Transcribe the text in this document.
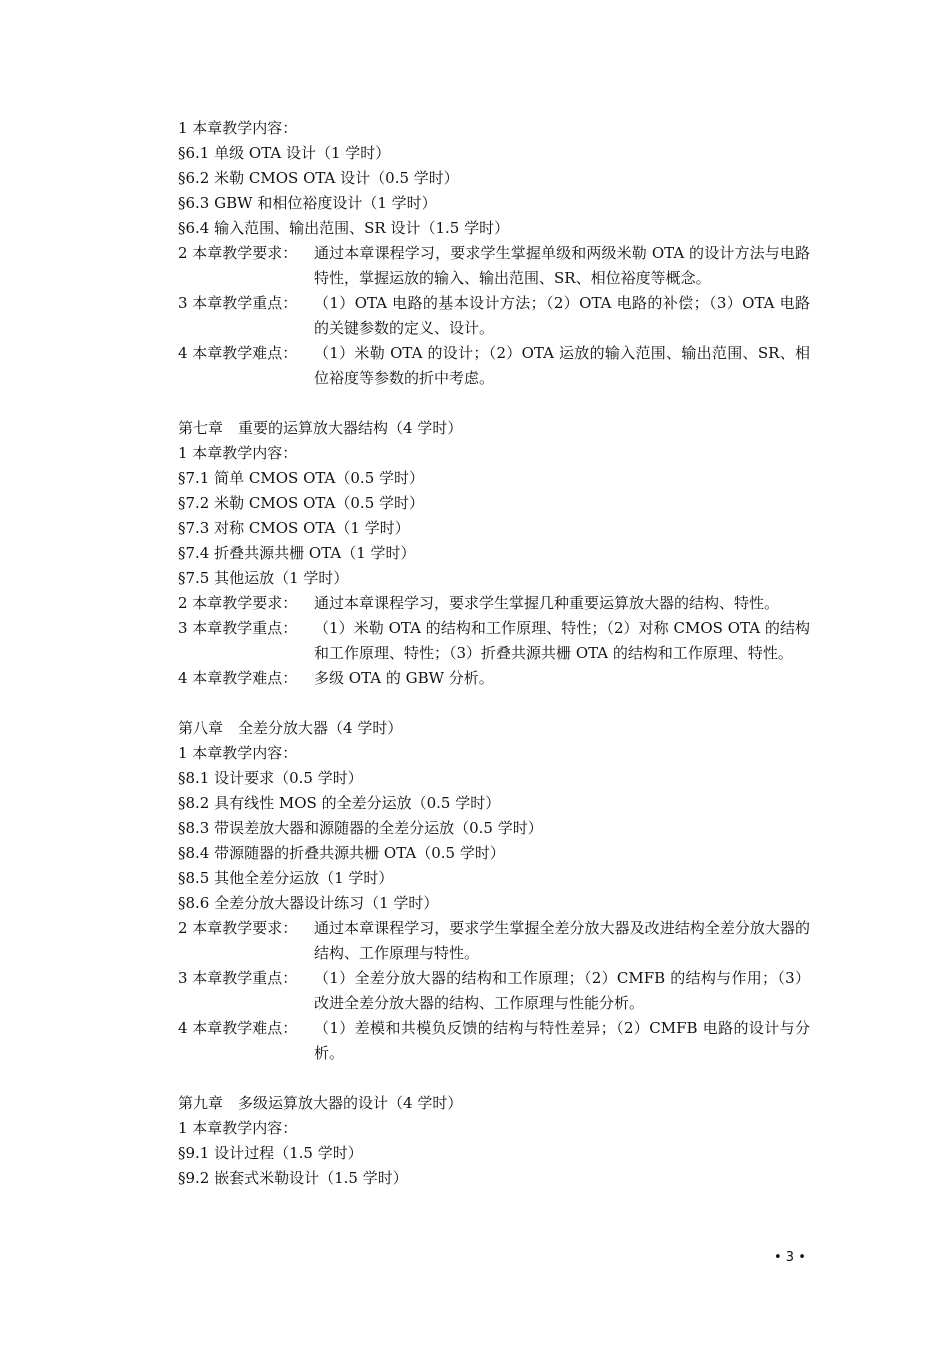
1 本章教学内容：
§6.1 单级 OTA 设计（1 学时）
§6.2 米勒 CMOS OTA 设计（0.5 学时）
§6.3 GBW 和相位裕度设计（1 学时）
§6.4 输入范围、输出范围、SR 设计（1.5 学时）
2 本章教学要求：	通过本章课程学习，要求学生掌握单级和两级米勒 OTA 的设计方法与电路特性，掌握运放的输入、输出范围、SR、相位裕度等概念。
3 本章教学重点：	（1）OTA 电路的基本设计方法；（2）OTA 电路的补偿；（3）OTA 电路的关键参数的定义、设计。
4 本章教学难点：	（1）米勒 OTA 的设计；（2）OTA 运放的输入范围、输出范围、SR、相位裕度等参数的折中考虑。
第七章　重要的运算放大器结构（4 学时）
1 本章教学内容：
§7.1 简单 CMOS OTA（0.5 学时）
§7.2 米勒 CMOS OTA（0.5 学时）
§7.3 对称 CMOS OTA（1 学时）
§7.4 折叠共源共栅 OTA（1 学时）
§7.5 其他运放（1 学时）
2 本章教学要求：	通过本章课程学习，要求学生掌握几种重要运算放大器的结构、特性。
3 本章教学重点：	（1）米勒 OTA 的结构和工作原理、特性；（2）对称 CMOS OTA 的结构和工作原理、特性；（3）折叠共源共栅 OTA 的结构和工作原理、特性。
4 本章教学难点：	多级 OTA 的 GBW 分析。
第八章　全差分放大器（4 学时）
1 本章教学内容：
§8.1 设计要求（0.5 学时）
§8.2 具有线性 MOS 的全差分运放（0.5 学时）
§8.3 带误差放大器和源随器的全差分运放（0.5 学时）
§8.4 带源随器的折叠共源共栅 OTA（0.5 学时）
§8.5 其他全差分运放（1 学时）
§8.6 全差分放大器设计练习（1 学时）
2 本章教学要求：	通过本章课程学习，要求学生掌握全差分放大器及改进结构全差分放大器的结构、工作原理与特性。
3 本章教学重点：	（1）全差分放大器的结构和工作原理；（2）CMFB 的结构与作用；（3）改进全差分放大器的结构、工作原理与性能分析。
4 本章教学难点：	（1）差模和共模负反馈的结构与特性差异；（2）CMFB 电路的设计与分析。
第九章　多级运算放大器的设计（4 学时）
1 本章教学内容：
§9.1 设计过程（1.5 学时）
§9.2 嵌套式米勒设计（1.5 学时）
• 3 •
